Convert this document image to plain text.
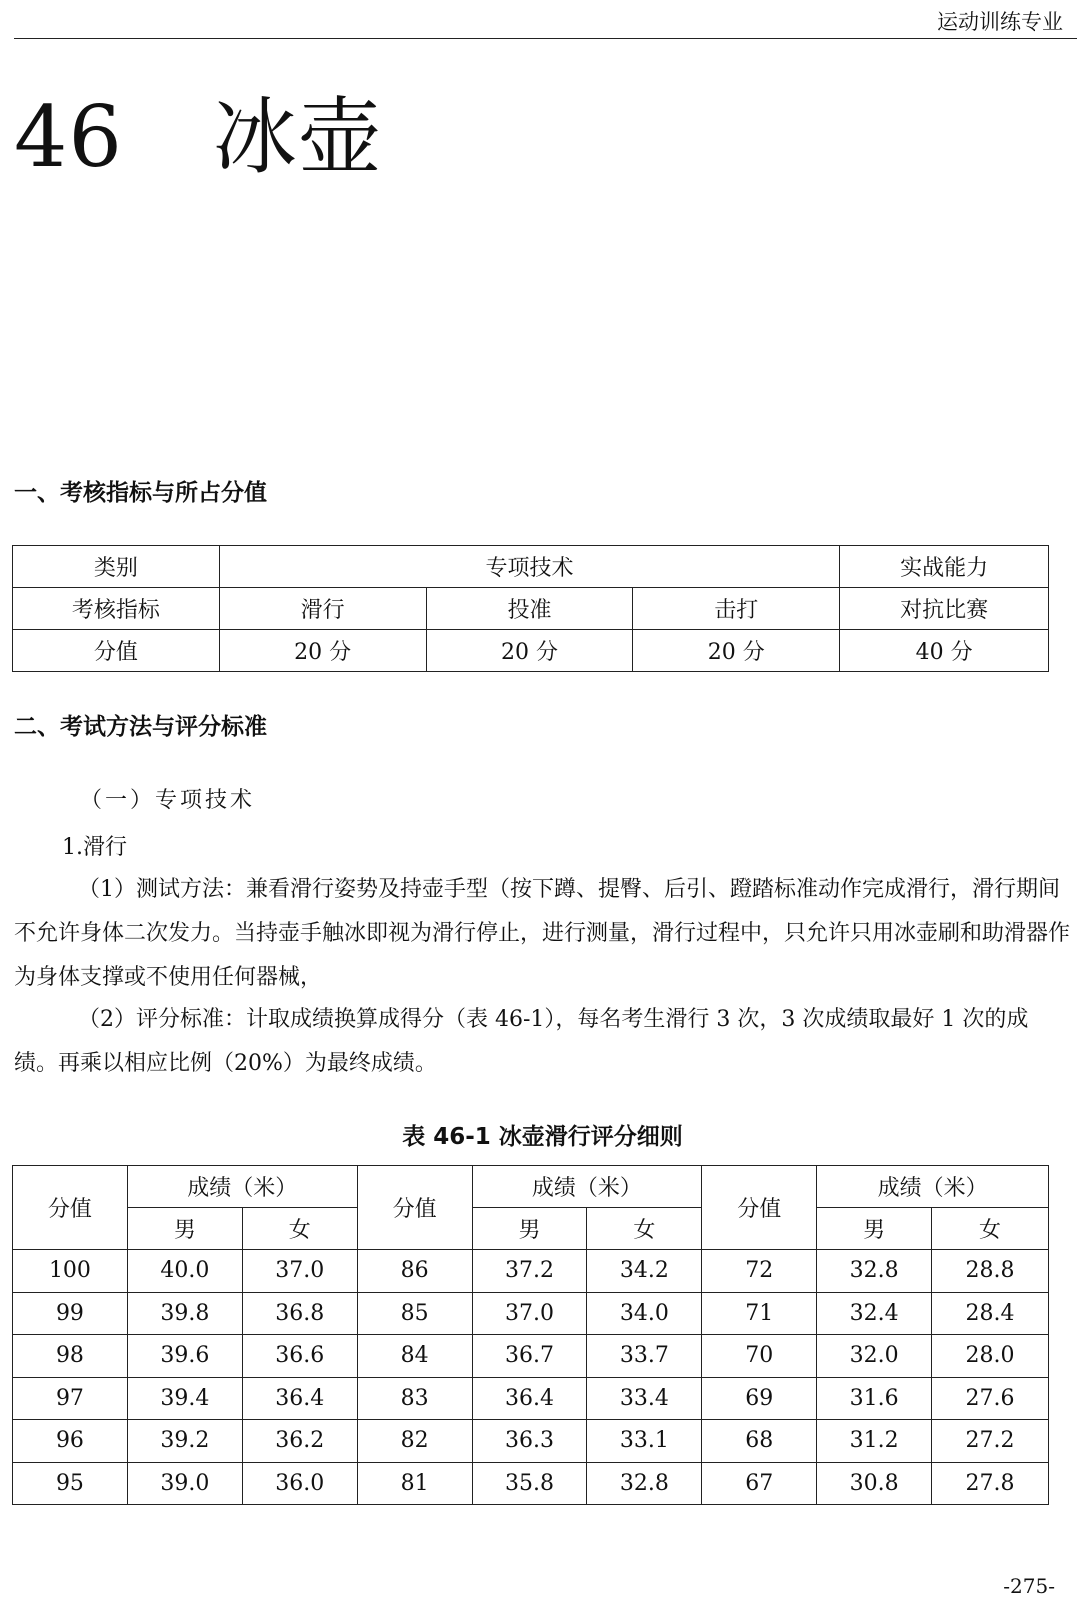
运动训练专业
46 冰壶
一、考核指标与所占分值
类别	专项技术			实战能力
考核指标	滑行	投准	击打	对抗比赛
分值	20 分	20 分	20 分	40 分
二、考试方法与评分标准
（一）专项技术
1.滑行
（1）测试方法：兼看滑行姿势及持壶手型（按下蹲、提臀、后引、蹬踏标准动作完成滑行，滑行期间不允许身体二次发力。当持壶手触冰即视为滑行停止，进行测量，滑行过程中，只允许只用冰壶刷和助滑器作为身体支撑或不使用任何器械，
（2）评分标准：计取成绩换算成得分（表 46-1），每名考生滑行 3 次，3 次成绩取最好 1 次的成绩。再乘以相应比例（20%）为最终成绩。
表 46-1 冰壶滑行评分细则
分值	成绩（米）		分值	成绩（米）		分值	成绩（米）	
	男	女		男	女		男	女
100	40.0	37.0	86	37.2	34.2	72	32.8	28.8
99	39.8	36.8	85	37.0	34.0	71	32.4	28.4
98	39.6	36.6	84	36.7	33.7	70	32.0	28.0
97	39.4	36.4	83	36.4	33.4	69	31.6	27.6
96	39.2	36.2	82	36.3	33.1	68	31.2	27.2
95	39.0	36.0	81	35.8	32.8	67	30.8	27.8
-275-
